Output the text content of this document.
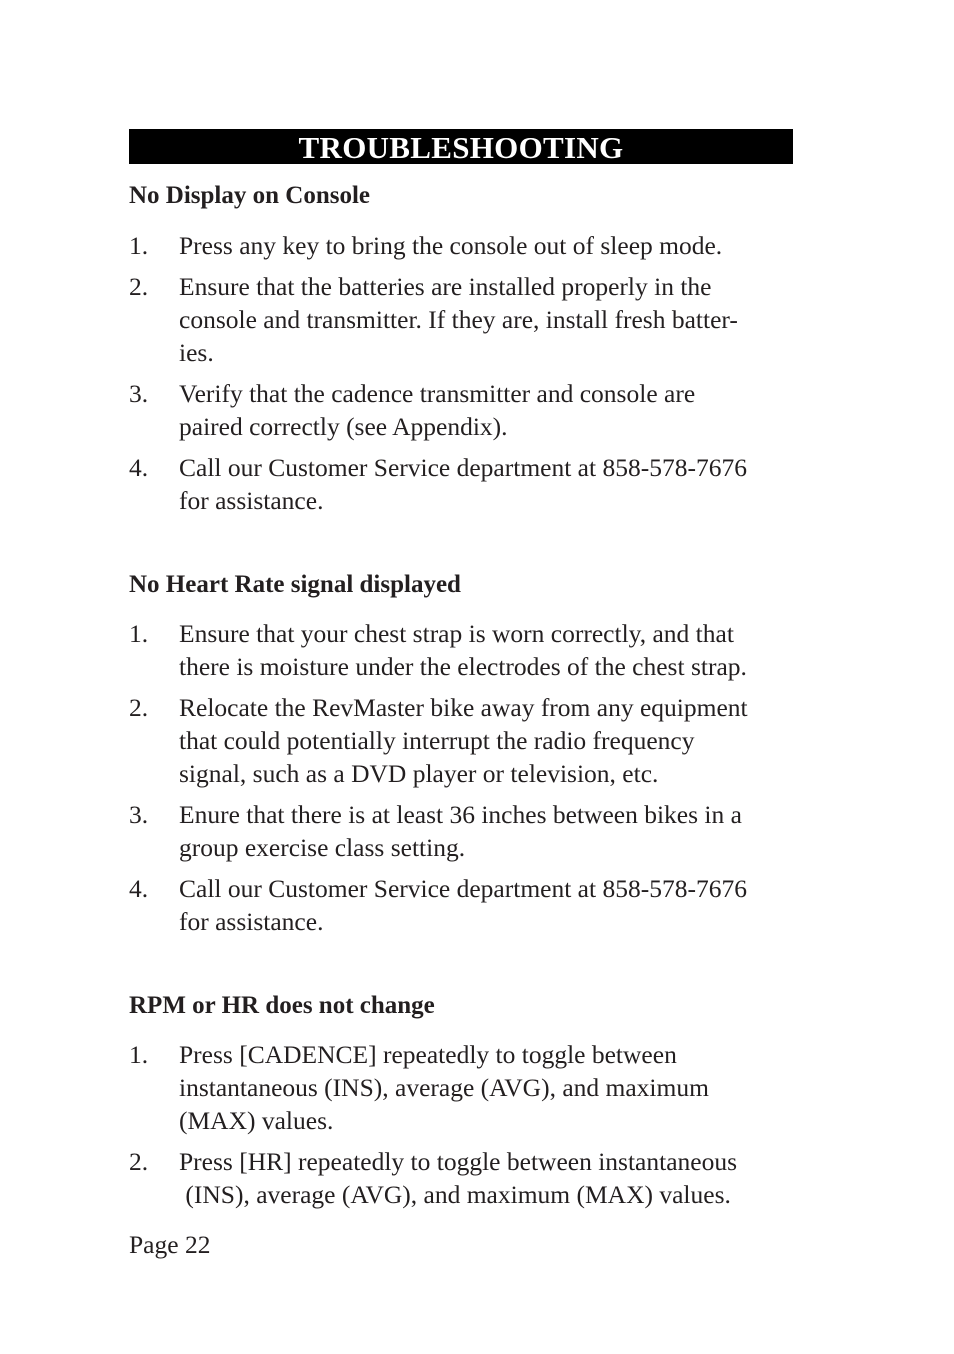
TROUBLESHOOTING
No Display on Console
1. Press any key to bring the console out of sleep mode.
2. Ensure that the batteries are installed properly in the
console and transmitter. If they are, install fresh batter-
ies.
3. Verify that the cadence transmitter and console are
paired correctly (see Appendix).
4. Call our Customer Service department at 858-578-7676
for assistance.
No Heart Rate signal displayed
1. Ensure that your chest strap is worn correctly, and that
there is moisture under the electrodes of the chest strap.
2. Relocate the RevMaster bike away from any equipment
that could potentially interrupt the radio frequency
signal, such as a DVD player or television, etc.
3. Enure that there is at least 36 inches between bikes in a
group exercise class setting.
4. Call our Customer Service department at 858-578-7676
for assistance.
RPM or HR does not change
1. Press [CADENCE] repeatedly to toggle between
instantaneous (INS), average (AVG), and maximum
(MAX) values.
2. Press [HR] repeatedly to toggle between instantaneous
(INS), average (AVG), and maximum (MAX) values.
Page 22
